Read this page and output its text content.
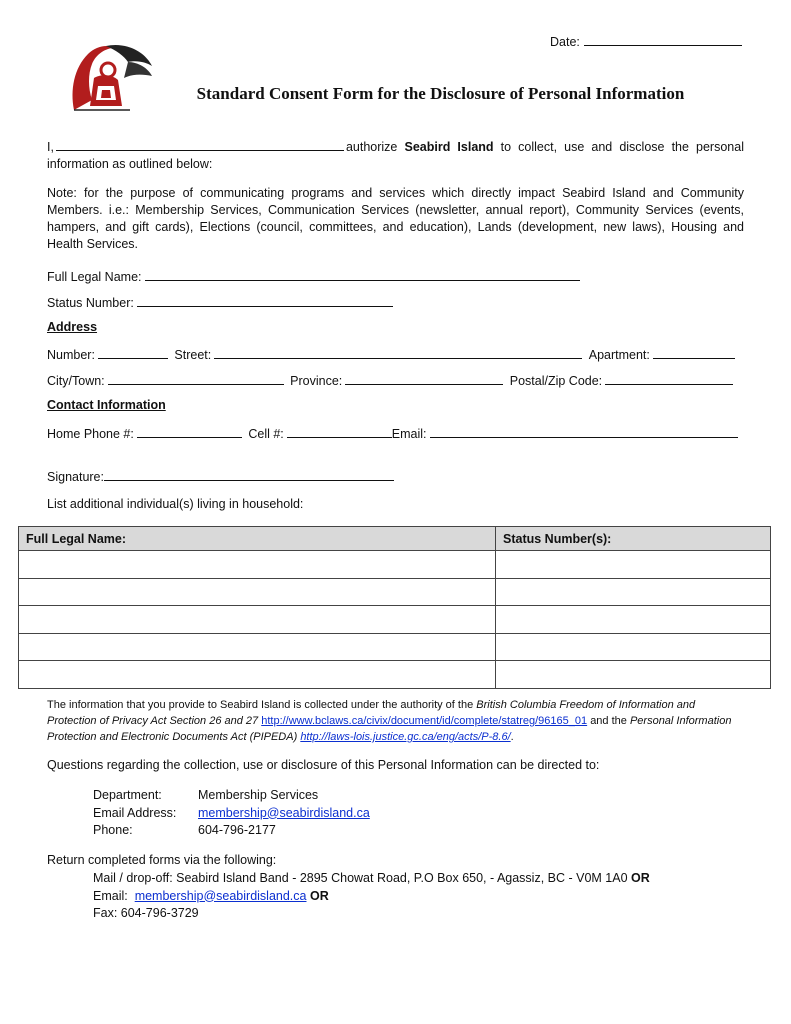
Date:
Standard Consent Form for the Disclosure of Personal Information
I,	authorize Seabird Island to collect, use and disclose the personal information as outlined below:
Note: for the purpose of communicating programs and services which directly impact Seabird Island and Community Members. i.e.: Membership Services, Communication Services (newsletter, annual report), Community Services (events, hampers, and gift cards), Elections (council, committees, and education), Lands (development, new laws), Housing and Health Services.
Full Legal Name:
Status Number:
Address
Number:	Street:	Apartment:
City/Town:	Province:	Postal/Zip Code:
Contact Information
Home Phone #:	Cell #:	Email:
Signature:
List additional individual(s) living in household:
Full Legal Name:	Status Number(s):

The information that you provide to Seabird Island is collected under the authority of the British Columbia Freedom of Information and Protection of Privacy Act Section 26 and 27 http://www.bclaws.ca/civix/document/id/complete/statreg/96165_01 and the Personal Information Protection and Electronic Documents Act (PIPEDA) http://laws-lois.justice.gc.ca/eng/acts/P-8.6/.
Questions regarding the collection, use or disclosure of this Personal Information can be directed to:
Department:	Membership Services
Email Address: membership@seabirdisland.ca
Phone:	604-796-2177
Return completed forms via the following:
Mail / drop-off: Seabird Island Band - 2895 Chowat Road, P.O Box 650, - Agassiz, BC - V0M 1A0 OR
Email: membership@seabirdisland.ca OR
Fax: 604-796-3729
